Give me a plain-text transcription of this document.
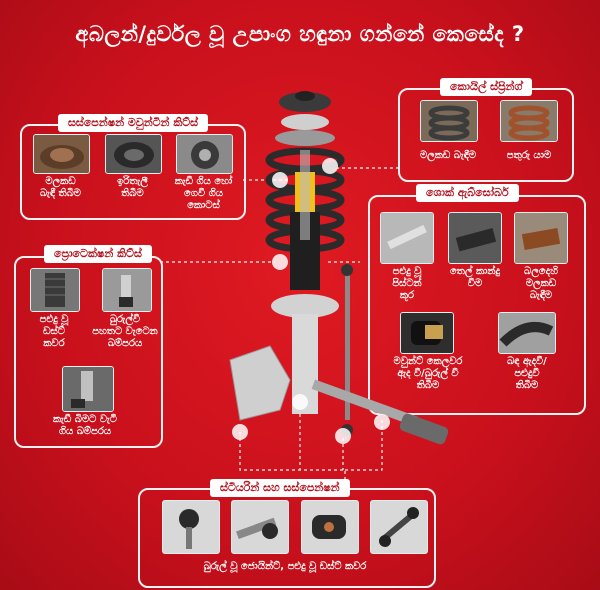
අබලන්/දුර්වල වූ උපාංග හඳුනා ගන්නේ කෙසේද ?
සස්පෙන්ෂන් මවුන්ටින් කිට්ස්
මලකඩ
බැඳී තිබීම
ඉරිතැලී
තිබීම
කැඩී ගිය හෝ
ගෙවී ගිය
කොටස්
ප්‍රොටෙක්ෂන් කිට්ස්
පළුදු වූ
ඩස්ට්
කවර
බුරුල්වී
පහතට වැටෙන
බම්පරය
කැඩී බිමට වැටී
ගිය බම්පරය
කොයිල් ස්ප්‍රින්ග්
මලකඩ බැඳීම	පතුරු යාම
ශොක් ඇබ්සෝබර්
පළුදු වූ
පිස්ටන්
කූර
තෙල් කාන්දු
වීම
බලදෙහි
මලකඩ
බැඳීම
මවුන්ට් කෙලවර
ඇද වී/බුරුල් වී
තිබීම
බඳ ඇදවී/
පළුදුවී
තිබීම
ස්ටියරින් සහ සස්පෙන්ෂන්
බුරුල් වූ ජොයින්ට්, පළුදු වූ ඩස්ට් කවර
